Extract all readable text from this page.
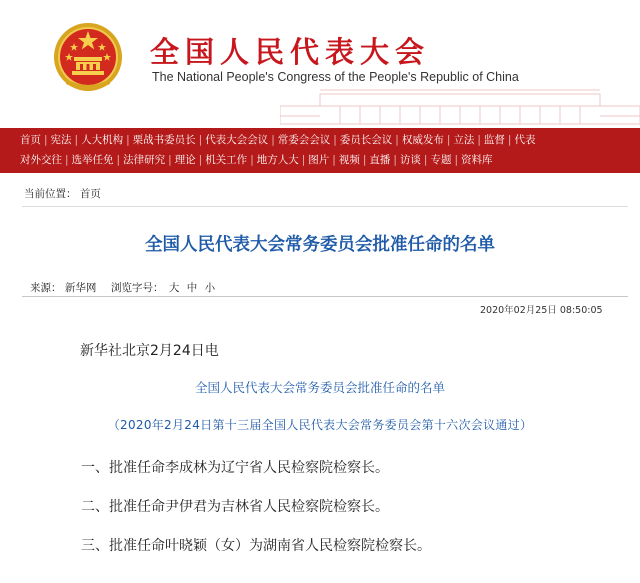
全国人民代表大会
The National People's Congress of the People's Republic of China
首页 | 宪法 | 人大机构 | 栗战书委员长 | 代表大会会议 | 常委会会议 | 委员长会议 | 权威发布 | 立法 | 监督 | 代表
对外交往 | 选举任免 | 法律研究 | 理论 | 机关工作 | 地方人大 | 图片 | 视频 | 直播 | 访谈 | 专题 | 资料库
当前位置： 首页
全国人民代表大会常务委员会批准任命的名单
来源： 新华网 浏览字号： 大 中 小
2020年02月25日 08:50:05
新华社北京2月24日电
全国人民代表大会常务委员会批准任命的名单
（2020年2月24日第十三届全国人民代表大会常务委员会第十六次会议通过）
一、批准任命李成林为辽宁省人民检察院检察长。
二、批准任命尹伊君为吉林省人民检察院检察长。
三、批准任命叶晓颖（女）为湖南省人民检察院检察长。
